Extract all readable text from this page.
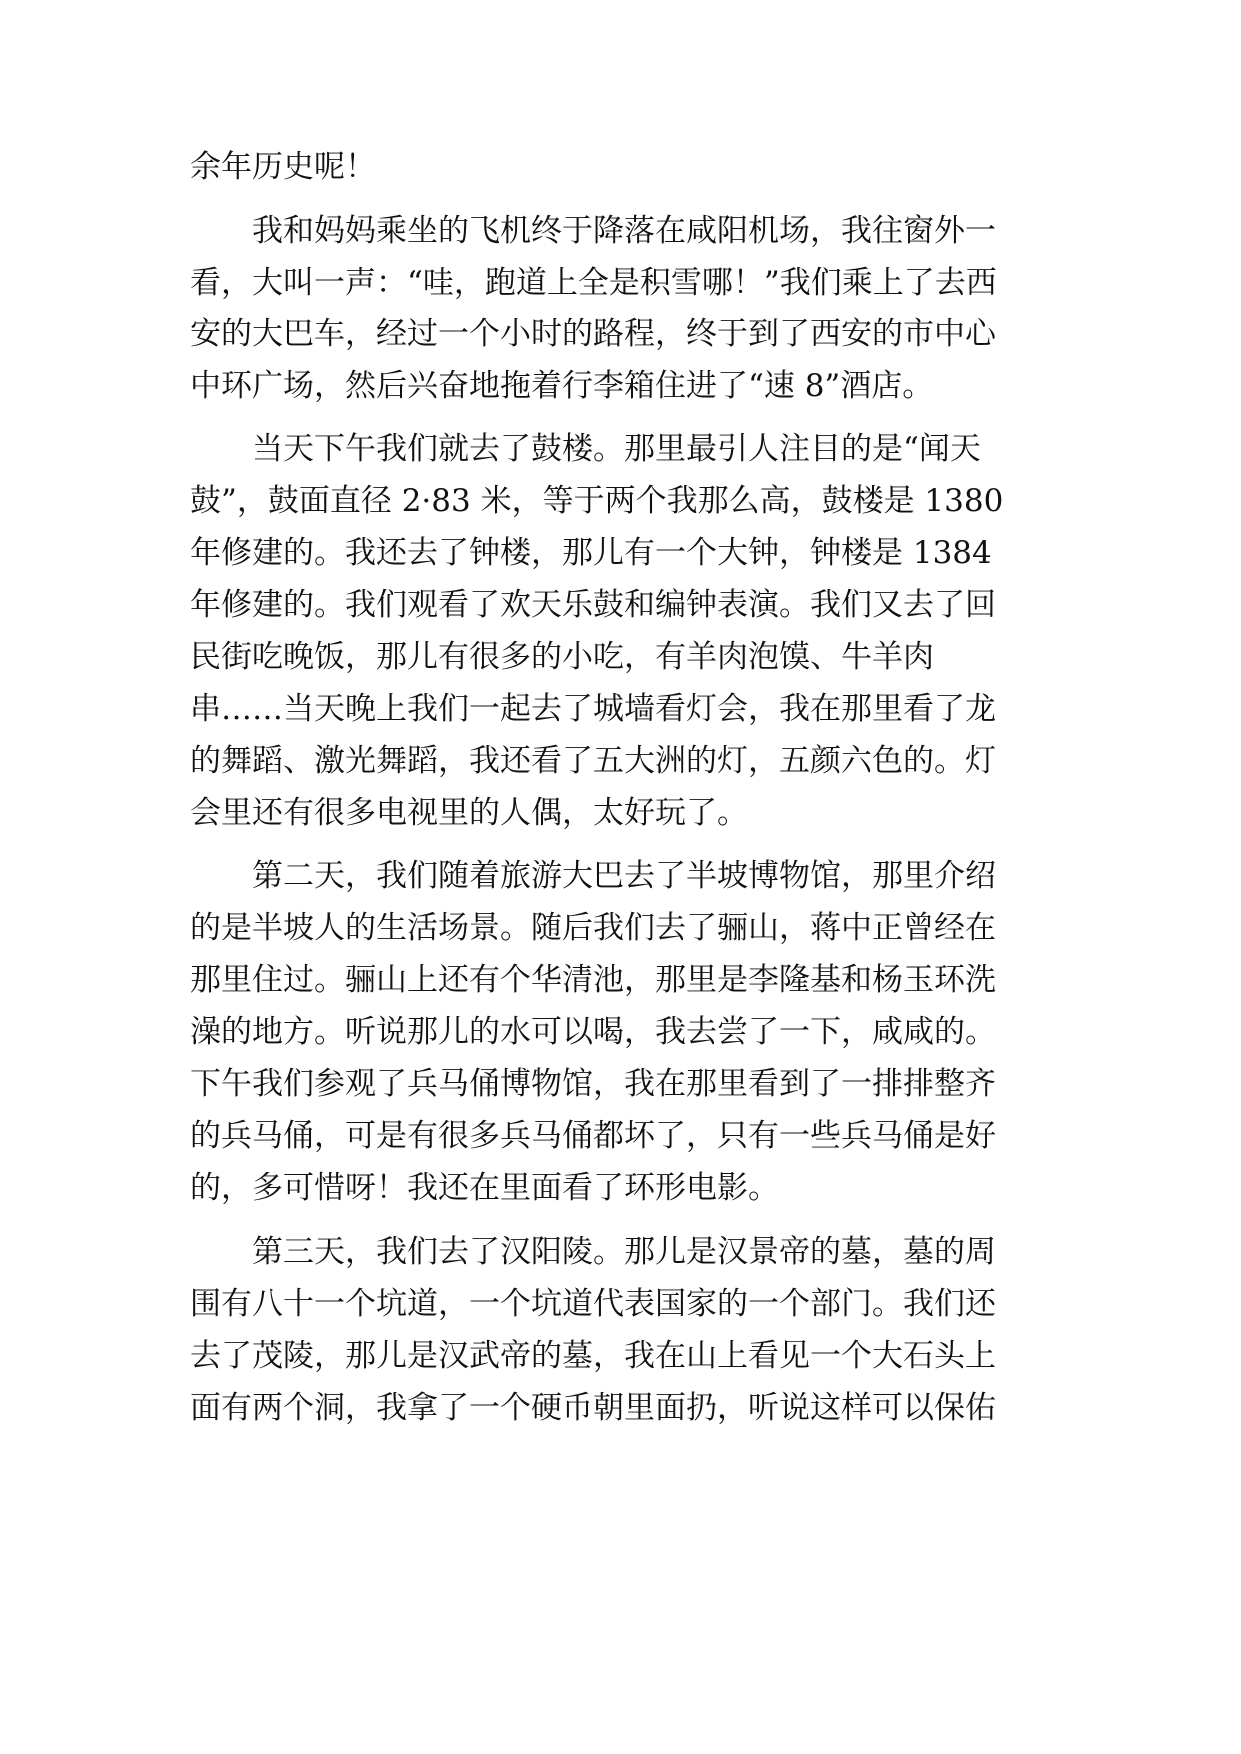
余年历史呢！
我和妈妈乘坐的飞机终于降落在咸阳机场，我往窗外一
看，大叫一声：“哇，跑道上全是积雪哪！”我们乘上了去西
安的大巴车，经过一个小时的路程，终于到了西安的市中心
中环广场，然后兴奋地拖着行李箱住进了“速 8”酒店。
当天下午我们就去了鼓楼。那里最引人注目的是“闻天
鼓”，鼓面直径 2·83 米，等于两个我那么高，鼓楼是 1380
年修建的。我还去了钟楼，那儿有一个大钟，钟楼是 1384
年修建的。我们观看了欢天乐鼓和编钟表演。我们又去了回
民街吃晚饭，那儿有很多的小吃，有羊肉泡馍、牛羊肉
串……当天晚上我们一起去了城墙看灯会，我在那里看了龙
的舞蹈、激光舞蹈，我还看了五大洲的灯，五颜六色的。灯
会里还有很多电视里的人偶，太好玩了。
第二天，我们随着旅游大巴去了半坡博物馆，那里介绍
的是半坡人的生活场景。随后我们去了骊山，蒋中正曾经在
那里住过。骊山上还有个华清池，那里是李隆基和杨玉环洗
澡的地方。听说那儿的水可以喝，我去尝了一下，咸咸的。
下午我们参观了兵马俑博物馆，我在那里看到了一排排整齐
的兵马俑，可是有很多兵马俑都坏了，只有一些兵马俑是好
的，多可惜呀！我还在里面看了环形电影。
第三天，我们去了汉阳陵。那儿是汉景帝的墓，墓的周
围有八十一个坑道，一个坑道代表国家的一个部门。我们还
去了茂陵，那儿是汉武帝的墓，我在山上看见一个大石头上
面有两个洞，我拿了一个硬币朝里面扔，听说这样可以保佑
